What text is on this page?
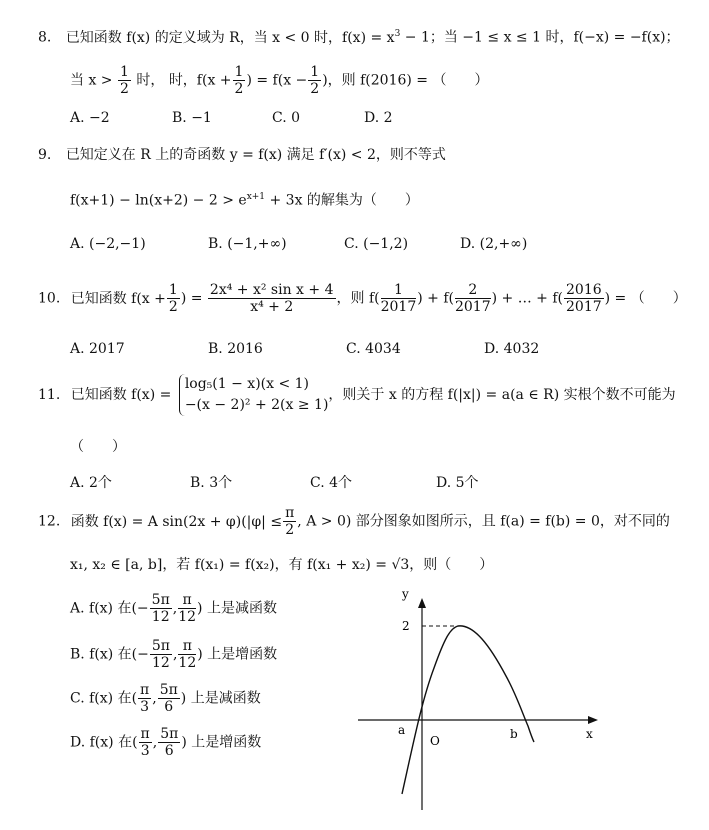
8. 已知函数 f(x) 的定义域为 R，当 x < 0 时，$f(x) = x^3 - 1$；当 −1 ≤ x ≤ 1 时，f(−x) = −f(x)；
当 $x > \frac{1}{2}$ 时， 时，$f(x + \frac{1}{2}$ ) = $f(x - \frac{1}{2}$ )，则 f(2016) = （　　）
A. −2	B. −1	C. 0	D. 2
9. 已知定义在 R 上的奇函数 y = f(x) 满足 f′(x) < 2，则不等式
$f(x+1) - \ln(x+2) - 2 > e^{x+1} + 3x$ 的解集为（　　）
A. (−2,−1)	B. (−1,+∞)	C. (−1,2)	D. (2,+∞)
10. 已知函数 $f(x + \frac{1}{2}$ ) = $\frac{\text{2x⁴ + x² sin x + 4}}{\text{x⁴ + 2}}$ ，则 $f( \frac{1}{2017}$ ) + $f( \frac{2}{2017}$ ) + … + $f( \frac{2016}{2017}$ ) = （　　）
A. 2017	B. 2016	C. 4034	D. 4032
11. 已知函数 f(x) =
log₅(1 − x)(x < 1)
−(x − 2)² + 2(x ≥ 1)
，则关于 x 的方程 f(|x|) = a(a ∈ R) 实根个数不可能为
（　　）
A. 2个	B. 3个	C. 4个	D. 5个
12. 函数 f(x) = A $\sin(2x + \varphi)(|\varphi| \le \frac{\pi}{2}$ , A > 0) 部分图象如图所示，且 f(a) = f(b) = 0，对不同的
x₁, x₂ ∈ [a, b]，若 f(x₁) = f(x₂)，有 f(x₁ + x₂) = √3，则（　　）
A. f(x) 在(− $\frac{5\pi}{12}$ , $\frac{\pi}{12}$ ) 上是减函数
B. f(x) 在(− $\frac{5\pi}{12}$ , $\frac{\pi}{12}$ ) 上是增函数
C. f(x) 在( $\frac{\pi}{3}$ , $\frac{5\pi}{6}$ ) 上是减函数
D. f(x) 在( $\frac{\pi}{3}$ , $\frac{5\pi}{6}$ ) 上是增函数
y
x
O
a	b
2
